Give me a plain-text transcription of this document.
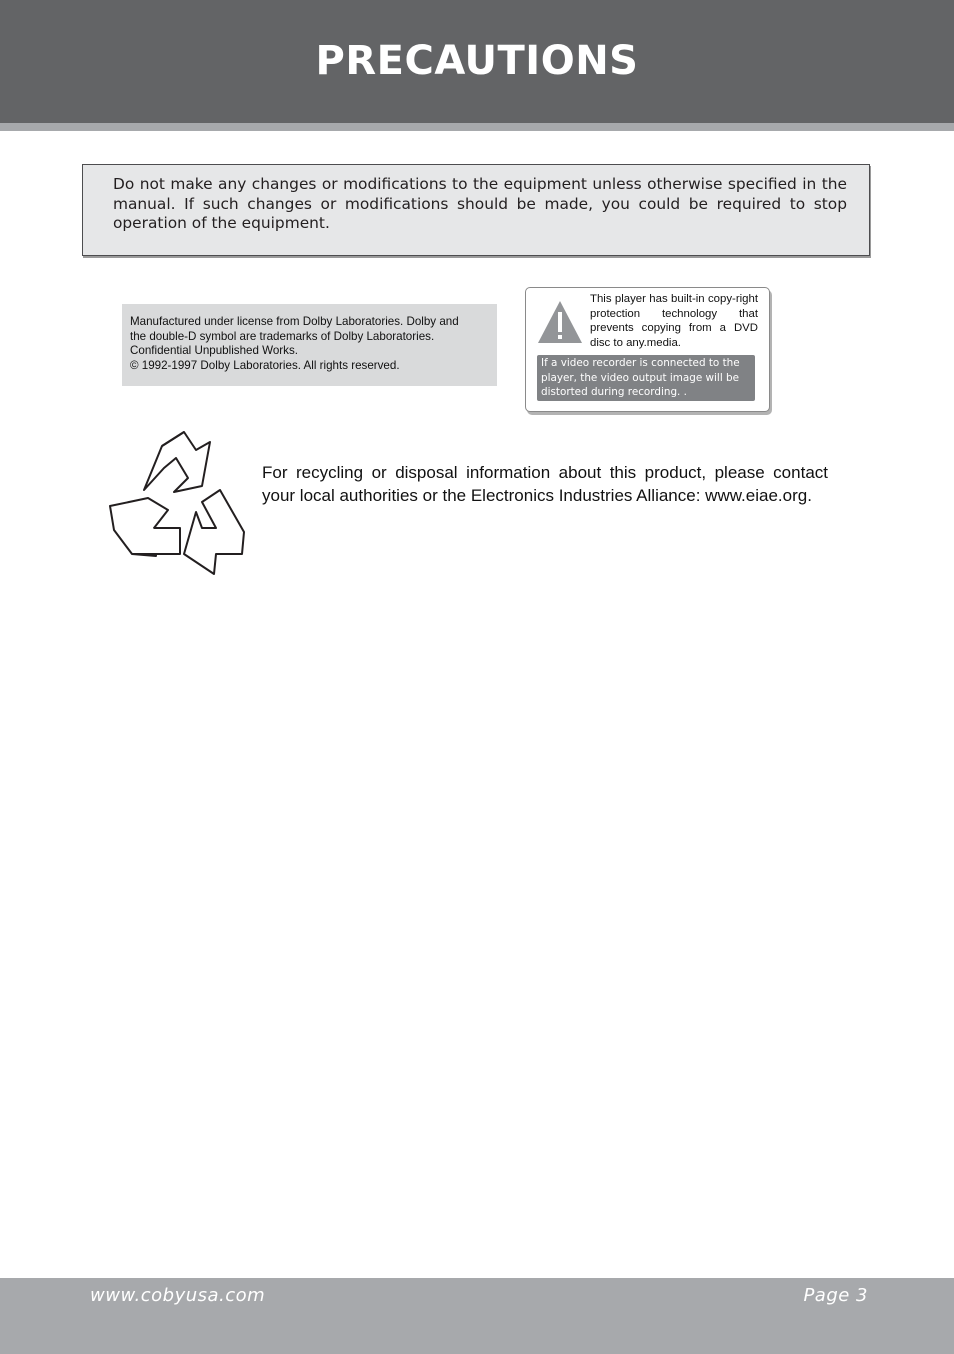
PRECAUTIONS

Do not make any changes or modifications to the equipment unless otherwise specified in the manual. If such changes or modifications should be made, you could be required to stop operation of the equipment.

Manufactured under license from Dolby Laboratories. Dolby and
the double-D symbol are trademarks of Dolby Laboratories.
Confidential Unpublished Works.
© 1992-1997 Dolby Laboratories. All rights reserved.

This player has built-in copy-right protection technology that prevents copying from a DVD disc to any.media.

If a video recorder is connected to the player, the video output image will be distorted during recording. .

For recycling or disposal information about this product, please contact your local authorities or the Electronics Industries Alliance: www.eiae.org.

www.cobyusa.com	Page 3
